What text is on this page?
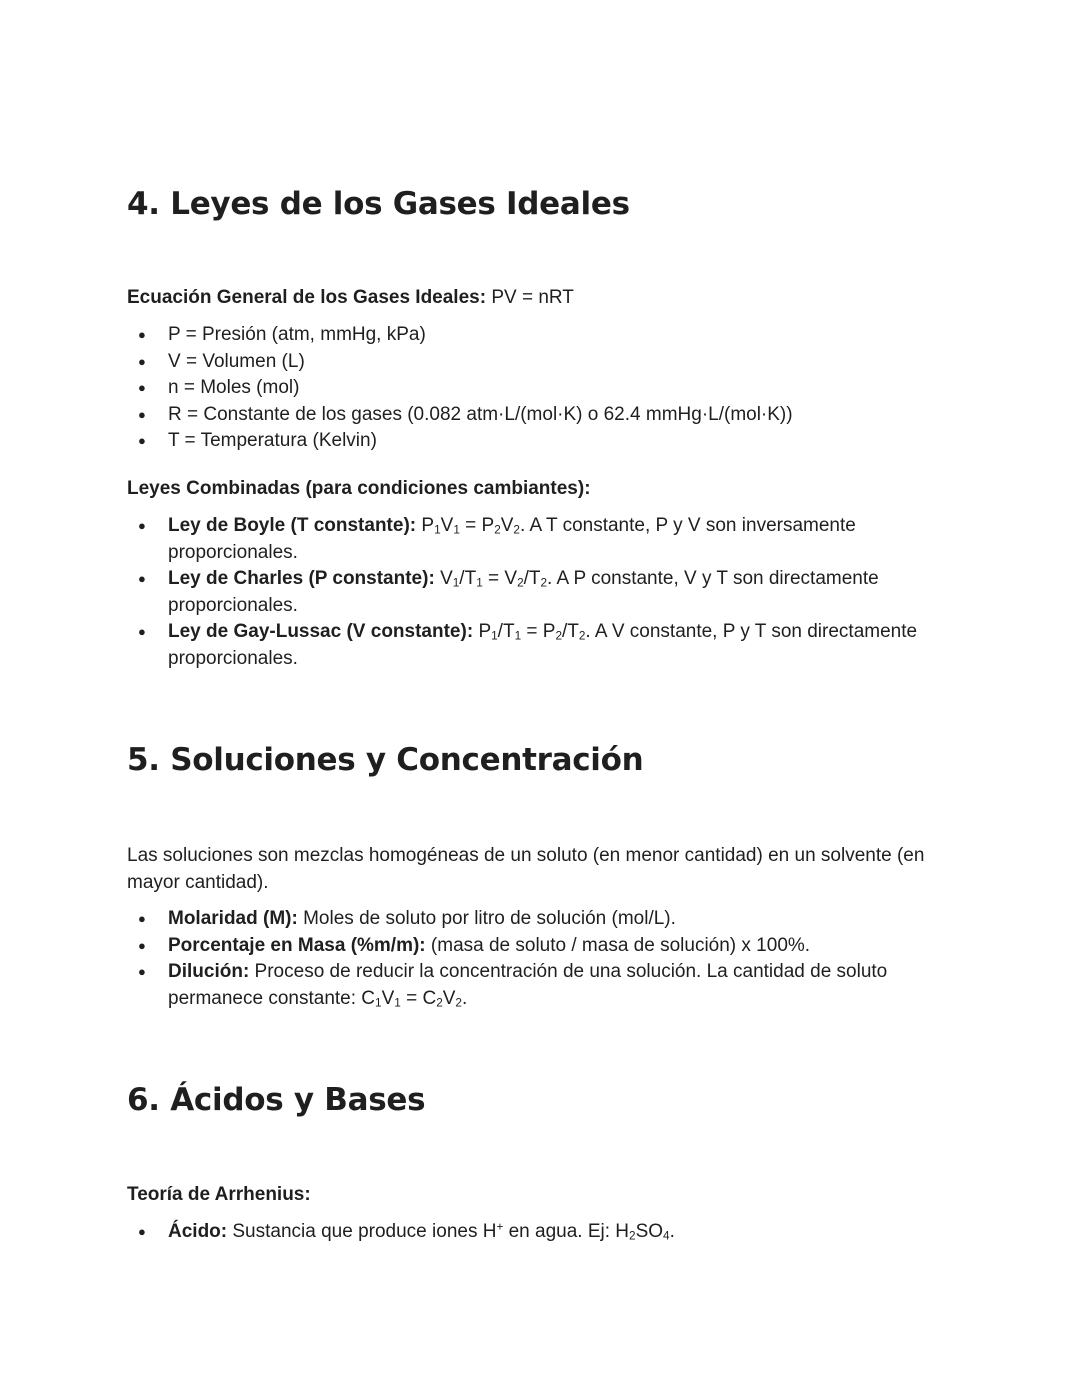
4. Leyes de los Gases Ideales

Ecuación General de los Gases Ideales: PV = nRT

● P = Presión (atm, mmHg, kPa)
● V = Volumen (L)
● n = Moles (mol)
● R = Constante de los gases (0.082 atm·L/(mol·K) o 62.4 mmHg·L/(mol·K))
● T = Temperatura (Kelvin)

Leyes Combinadas (para condiciones cambiantes):

● Ley de Boyle (T constante): $P_1V_1 = P_2V_2$. A T constante, P y V son inversamente proporcionales.
● Ley de Charles (P constante): $V_1/T_1 = V_2/T_2$. A P constante, V y T son directamente proporcionales.
● Ley de Gay-Lussac (V constante): $P_1/T_1 = P_2/T_2$. A V constante, P y T son directamente proporcionales.
5. Soluciones y Concentración

Las soluciones son mezclas homogéneas de un soluto (en menor cantidad) en un solvente (en mayor cantidad).

● Molaridad (M): Moles de soluto por litro de solución (mol/L).
● Porcentaje en Masa (%m/m): (masa de soluto / masa de solución) x 100%.
● Dilución: Proceso de reducir la concentración de una solución. La cantidad de soluto permanece constante: $C_1V_1 = C_2V_2$.
6. Ácidos y Bases

Teoría de Arrhenius:

● Ácido: Sustancia que produce iones H+ en agua. Ej: $H_2SO_4$.
